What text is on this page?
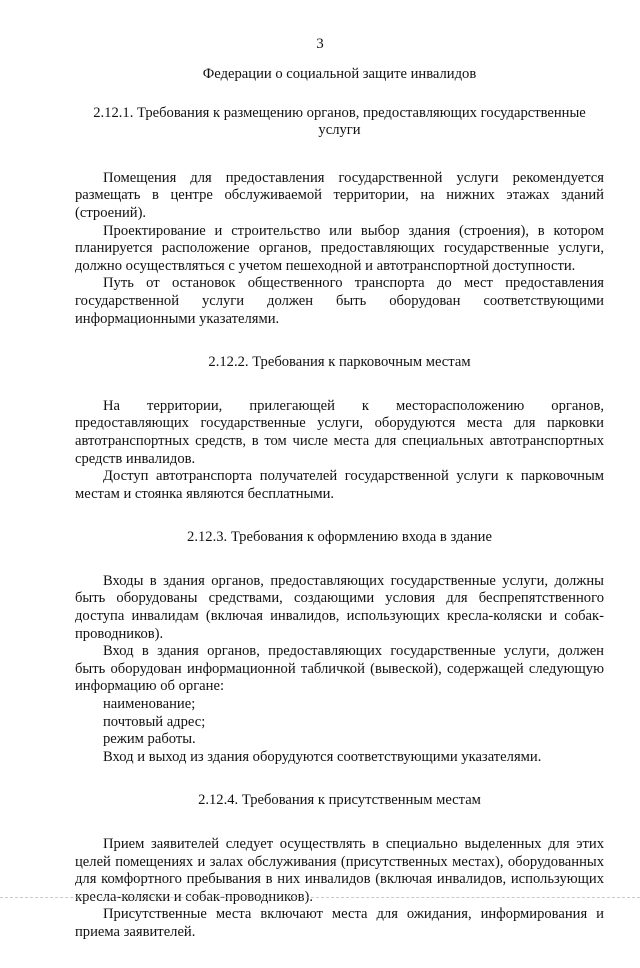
3
Федерации о социальной защите инвалидов
2.12.1. Требования к размещению органов, предоставляющих государственные услуги

Помещения для предоставления государственной услуги рекомендуется размещать в центре обслуживаемой территории, на нижних этажах зданий (строений).

Проектирование и строительство или выбор здания (строения), в котором планируется расположение органов, предоставляющих государственные услуги, должно осуществляться с учетом пешеходной и автотранспортной доступности.

Путь от остановок общественного транспорта до мест предоставления государственной услуги должен быть оборудован соответствующими информационными указателями.

2.12.2. Требования к парковочным местам

На территории, прилегающей к месторасположению органов, предоставляющих государственные услуги, оборудуются места для парковки автотранспортных средств, в том числе места для специальных автотранспортных средств инвалидов.

Доступ автотранспорта получателей государственной услуги к парковочным местам и стоянка являются бесплатными.

2.12.3. Требования к оформлению входа в здание

Входы в здания органов, предоставляющих государственные услуги, должны быть оборудованы средствами, создающими условия для беспрепятственного доступа инвалидам (включая инвалидов, использующих кресла-коляски и собак-проводников).

Вход в здания органов, предоставляющих государственные услуги, должен быть оборудован информационной табличкой (вывеской), содержащей следующую информацию об органе:

наименование;
почтовый адрес;
режим работы.

Вход и выход из здания оборудуются соответствующими указателями.

2.12.4. Требования к присутственным местам

Прием заявителей следует осуществлять в специально выделенных для этих целей помещениях и залах обслуживания (присутственных местах), оборудованных для комфортного пребывания в них инвалидов (включая инвалидов, использующих кресла-коляски и собак-проводников).

Присутственные места включают места для ожидания, информирования и приема заявителей.
